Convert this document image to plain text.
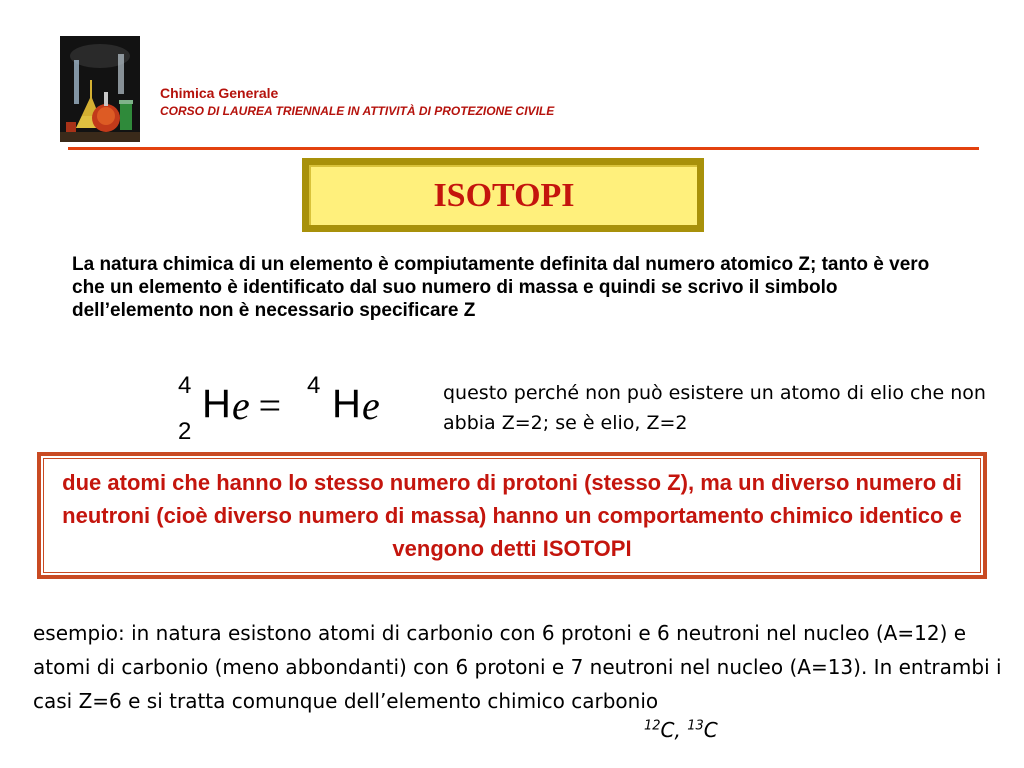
Chimica Generale

CORSO DI LAUREA TRIENNALE IN ATTIVITÀ DI PROTEZIONE CIVILE

ISOTOPI

La natura chimica di un elemento è compiutamente definita dal numero atomico Z; tanto è vero che un elemento è identificato dal suo numero di massa e quindi se scrivo il simbolo dell’elemento non è necessario specificare Z

4
2
H e = 4 H e	questo perché non può esistere un atomo di elio che non abbia Z=2; se è elio, Z=2

due atomi che hanno lo stesso numero di protoni (stesso Z), ma un diverso numero di neutroni (cioè diverso numero di massa) hanno un comportamento chimico identico e vengono detti ISOTOPI

esempio: in natura esistono atomi di carbonio con 6 protoni e 6 neutroni nel nucleo (A=12) e atomi di carbonio (meno abbondanti) con 6 protoni e 7 neutroni nel nucleo (A=13). In entrambi i casi Z=6 e si tratta comunque dell’elemento chimico carbonio

$^{12}$C, $^{13}$C
